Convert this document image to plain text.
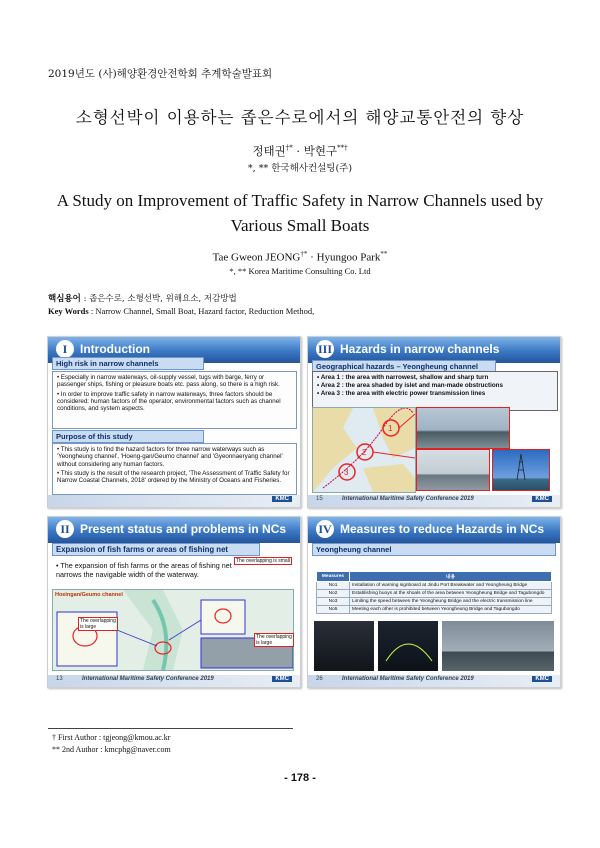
2019년도 (사)해양환경안전학회 추계학술발표회
소형선박이 이용하는 좁은수로에서의 해양교통안전의 향상
정태권†* · 박현구**†
*, ** 한국해사컨설팅(주)
A Study on Improvement of Traffic Safety in Narrow Channels used by Various Small Boats
Tae Gweon JEONG†* · Hyungoo Park**
*, ** Korea Maritime Consulting Co. Ltd
핵심용어 : 좁은수로, 소형선박, 위해요소, 저감방법
Key Words : Narrow Channel, Small Boat, Hazard factor, Reduction Method,
I	Introduction
High risk in narrow channels
• Especially in narrow waterways, oil-supply vessel, tugs with barge, ferry or passenger ships, fishing or pleasure boats etc. pass along, so there is a high risk.
• In order to improve traffic safety in narrow waterways, three factors should be considered: human factors of the operator, environmental factors such as channel conditions, and system aspects.
Purpose of this study
• This study is to find the hazard factors for three narrow waterways such as 'Yeongheung channel', 'Hoeng-gan/Geumo channel' and 'Gyeonnaeryang channel' without considering any human factors.
• This study is the result of the research project, 'The Assessment of Traffic Safety for Narrow Coastal Channels, 2018' ordered by the Ministry of Oceans and Fisheries.
KMC
III Hazards in narrow channels
Geographical hazards – Yeongheung channel
• Area 1 : the area with narrowest, shallow and sharp turn
• Area 2 : the area shaded by islet and man-made obstructions
• Area 3 : the area with electric power transmission lines
1
2
3
15	International Maritime Safety Conference 2019	KMC
II Present status and problems in NCs
Expansion of fish farms or areas of fishing net
• The expansion of fish farms or the areas of fishing net narrows the navigable width of the waterway.
Hoeingan/Geumo channel
The overlapping is small
The overlapping is large
The overlapping is large
13	International Maritime Safety Conference 2019	KMC
IV Measures to reduce Hazards in NCs
Yeongheung channel
Measures	내용
No1	Installation of warning signboard at Jindu Port Breakwater and Yeongheung Bridge
No2	Establishing buoys at the shoals of the area between Yeongheung Bridge and Tagubongdo
No3	Limiting the speed between the Yeongheung Bridge and the electric transmission line
No5	Meeting each other is prohibited between Yeongheung Bridge and Tagubongdo
26	International Maritime Safety Conference 2019	KMC
† First Author : tgjeong@kmou.ac.kr
** 2nd Author : kmcphg@naver.com
- 178 -
